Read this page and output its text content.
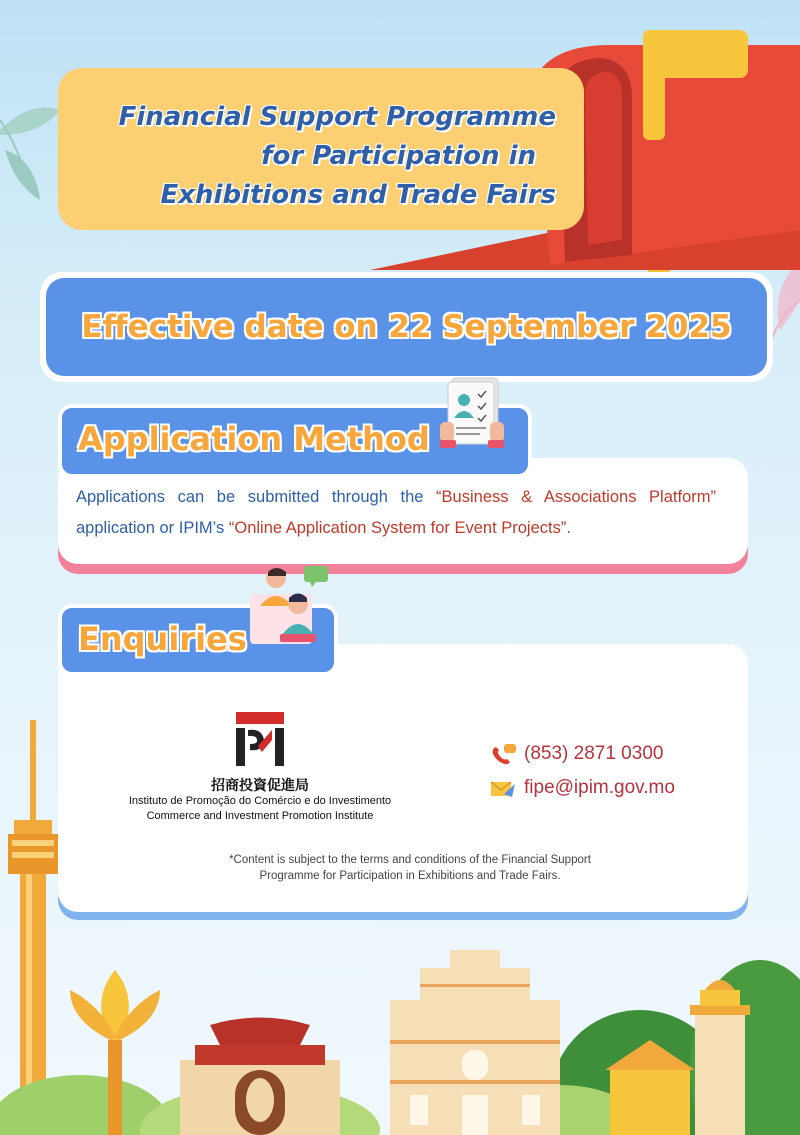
Financial Support Programme
for Participation in
Exhibitions and Trade Fairs
Effective date on 22 September 2025
Application Method
Applications can be submitted through the “Business & Associations Platform” application or IPIM’s “Online Application System for Event Projects”.
Enquiries
招商投資促進局
Instituto de Promoção do Comércio e do Investimento
Commerce and Investment Promotion Institute
(853) 2871 0300
fipe@ipim.gov.mo
*Content is subject to the terms and conditions of the Financial Support
Programme for Participation in Exhibitions and Trade Fairs.
